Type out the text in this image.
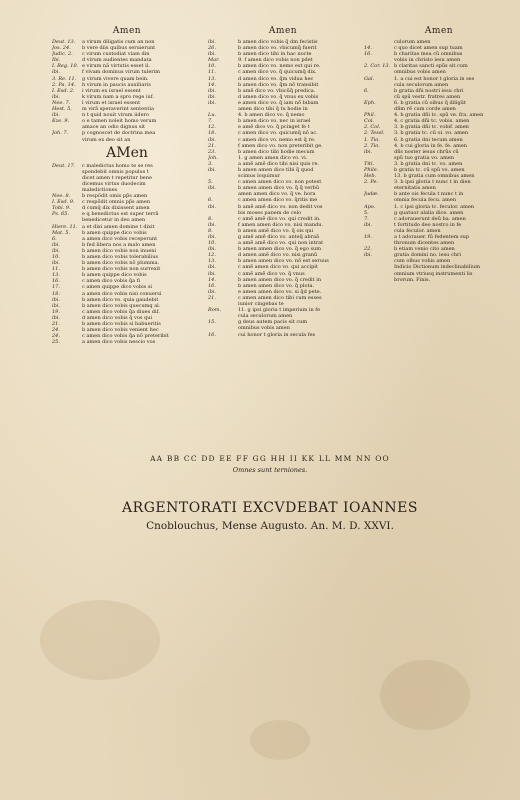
Amen
Deut. 13.	a virum diligatis cum an non
Jos. 24.	b vere diis quibus seruierunt
Judic. 2.	c virum custodiat viam din
Ibi.	d virum audientes mandata
I. Reg. 10. e virum nã virtutis esset il.
ibi.	f vivam dominus virum tulerim
3. Re. 11.	g virum vivere quam bein.
2. Pa. 14.	h virum in paucis auxiliaris
I. Esd. 2.	i virum ex israel essent
ibi.	k virum nam a spro rege iuf.
Nee. 7.	l virum et israel essent
Hest. 5.	m virã speraverint sententia
ibi.	n t quid nouit virum iidero
Eze. 9.	o e tamen noleit homo verum
amace an odio dignus sit
Joh. 7.	p cognoscet de doctrina mea
virum ex deo sit an
AMen
Deut. 17.	c maledictus homo te se res
spondebit omnis populus t
dicet amen t repetitur bene
dicemus virtus duodecim
maledictiones
Nee. 8.	b respõdit omis pp̃s amen
I. Esd. 9.	c respõdit omnis pp̃s amen
Tobi. 9.	d cumq̃ dix dixissent amen
Ps. 65.	e q benedictus est super terrã
benedicetur in deo amen
Hiere. 11. a et dixi amen domine t dixit
Mat. 5.	b amen quippe dico vobis
6.	a amen dico vobis receperunt
ibi.	b fed libera nos a malo amen
ibi.	b amen dico vobis non inueni
10.	b amen dico vobis tolerabilius
ibi.	b amen dico vobis nõ plumma.
11.	b amen dico vobis non surrexit
13.	b amen quippe dico vobis
16.	c amen dico vobis q̃a fi
17.	c amen quippe dico vobis si
18.	a amen dico vobis nisi conuersi
ibi.	b amen dico vo. quia gaudebit
ibi.	b amen dico vobis quecumq al.
19.	c amen dico vobis q̃a diues dif.
ibi.	d amen dico vobis q̃ vos qui
21.	b amen dico vobis si habueritis
24.	b amen dico vobis venient hec
24.	c amen dico vobis q̃a nõ preteribit
25.	a amen dico vobis nescio vos
Amen
ibi.	b amen dico vobis q̃ dm fecistis
26.	b amen dico vo. vbicumq̃ fuerit
ibi.	b amen dico tibi in hac nocte
Mar.	9. f amen dico vobis non pdet
10.	b amen dico vo. nemo est qui re.
11.	c amen dico vo. q̃ quicumq̃ dix.
13.	d amen dico vo. q̃m vidua hec
14.	b amen dico vo. q̃m nõ transibit
ibi.	b amẽ dico vo. vbicũq̃ predica.
ibi.	d amen dico vo. q̃ vnus ex vobis
ibi.	e amen dico vo. q̃ iam nõ bibam
amen dico tibi q̃ tu hodie in
Lu.	4. b amen dico vo. q̃ nemo
7.	b amen dico vo. nec in israel
12.	e amẽ dico vo. q̃ pcinget fe t
18.	c amen dico vo. quicumq̃ nõ ac.
ibi.	c amen dico vo. nemo est q̃ re.
21.	f amen dico vo. non preteribit ge.
23.	b amen dico tibi hodie mecum
Joh.	1. g amen amen dico vo. vi.
3.	a amẽ amẽ dico tibi nisi quis re.
ibi.	b amen amen dico tibi q̃ quod
scimus loquimur
5.	c amen amen dico vo. non potest
ibi.	b amen amen dico vo. q̃ q̃ verbũ
amen amen dico vo. q̃ ve. hora
6.	c amen amen dico vo. q̃ritis me
ibi.	b amẽ amẽ dico vo. non dedit vos
bis moses panem de celo
8.	c amẽ amẽ dico vo. qui credit in.
ibi.	f amen amen dico vo. nisi mandu.
8.	b amen amẽ dico vo. q̃ ois qui
ibi.	g amẽ amẽ dico vo. anteq̃ abraã
10.	a amẽ amẽ dico vo. qui non intrat
ibi.	b amen amen dico vo. q̃ ego sum
12.	d amen amẽ dico vo. nisi granũ
13.	b amen amen dico vo. nõ est seruus
ibi.	c amẽ amen dico vo. qui accipit
ibi.	c amẽ amẽ dico vo. q̃ vnus
14.	b amen amen dico vo. q̃ credit in
16.	b amen amen dico vo. q̃ plota.
ibi.	e amen amen dico vo. si q̃d pete.
21.	c amen amen dico tibi cum esses
iunior cingebas te
Rom.	11. g ipsi gloria t imperium in fe
cula seculorum amen
15.	g deus autem pacis sit cum
omnibus vobis amen
16.	cui honor t gloria in secula fes
Amen
culorum amen
14.	c quo dicet amen sup tuam
16.	b charitas mea cũ omnibus
vobis in christo iesu amen
2. Cor. 13. b claritas sancti spũs sit cum
omnibus vobis amen
Gal.	1. a cui est honor t gloria in ses
cula seculorum amen
6.	b gratia dñi nostri iesu chri
cũ spũ vestr. fratres amen
Eph.	6. b gratia cũ oibus q̃ diligũt
dñm rẽ cum corde amen
Phil.	4. b gratia dñi t̃c. spũ ve. fra. amen
Col.	4. c gratia dñi t̃c. vobis. amen
2. Col.	3. b gratia dñi t̃c. vobif. amen
2. Tessl.	3. b gratia t̃c. cũ oi. vo. amen
1. Tio.	6. b gratia dni tecum amen
2. Tio.	4. b cui gloria in fe. fe. amen
ibi.	dñs noster iesus chrũs cũ
spũ tuo gratia vo. amen
Titi.	3. b gratia dni t̃c. vo. amen
Phile.	b gratia t̃c. cũ spũ vo. amen
Heb.	13. b gratia cum omnibus amen
2. Pe.	3. b ipsi gloria t nunc t in dien
eternitatis amen
Judæ.	b ante ois fecula t nunc t in
omnia fecula fecu. amen
Apo.	1. c ipsi gloria t̃c. feculor. amen
5.	g quatuor alalia dice. amen
7.	c adorauerunt deũ ba. amen
ibi.	t fortitudo deo nostro in fe
cula feculor. amen
19.	a t adorauer. fũ fedentem sup
thronum dicentes amen
22.	b etiam venio cito amen
ibi.	gratia domini no. iesu chri
cum olbus vobis amen
Indicio Dictionum indeclinabilium
omnium vtriusq instrumenti lis
brorum. Finis.
AA BB CC DD EE FF GG HH II KK LL MM NN OO
Omnes sunt terniones.
ARGENTORATI EXCVDEBAT IOANNES
Cnoblouchus, Mense Augusto. An. M. D. XXVI.
